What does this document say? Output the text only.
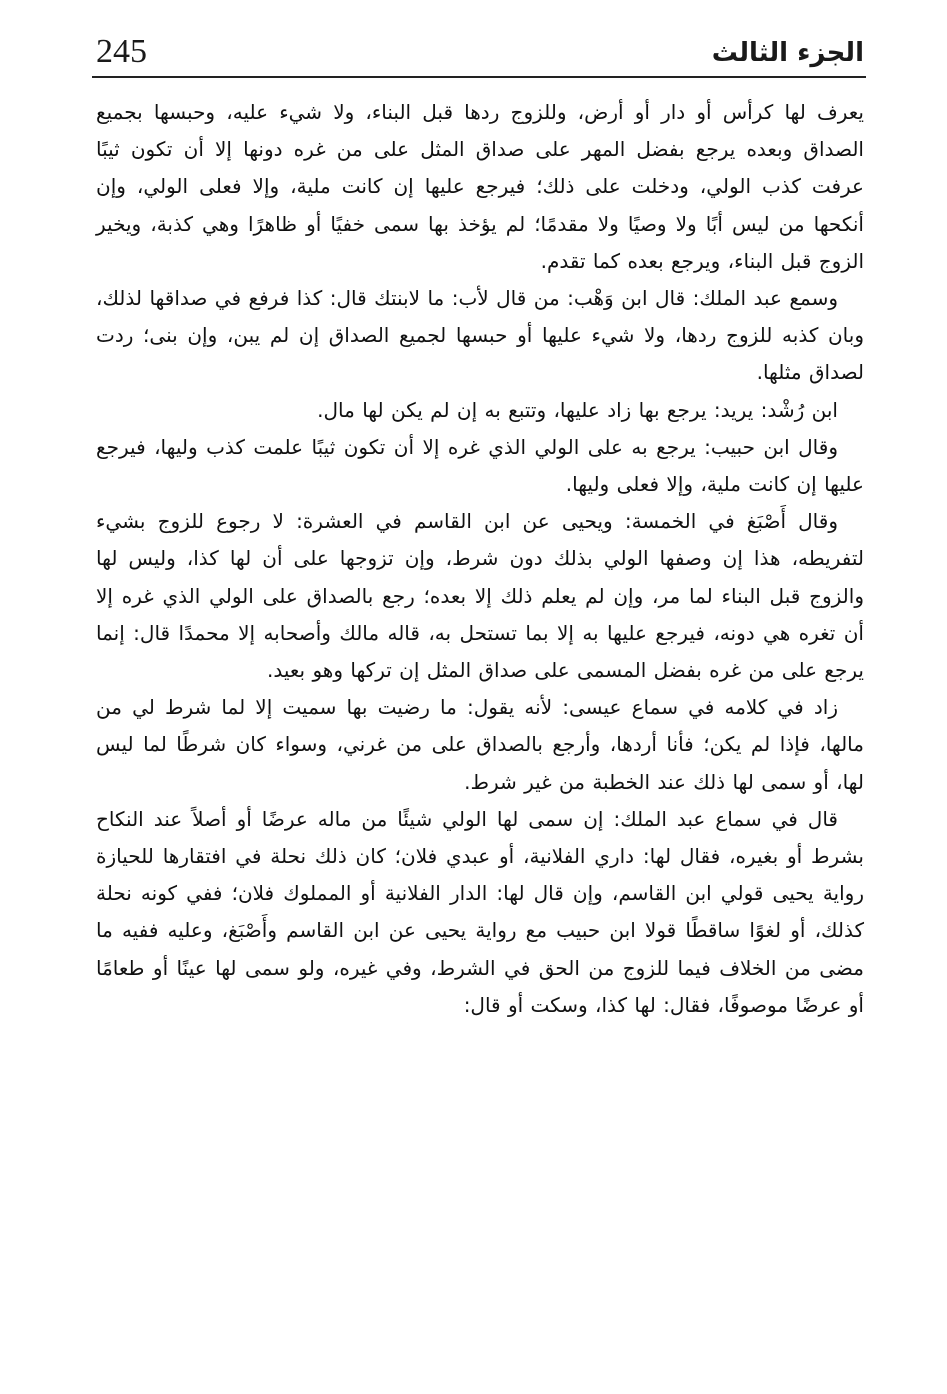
245	الجزء الثالث

يعرف لها كرأس أو دار أو أرض، وللزوج ردها قبل البناء، ولا شيء عليه، وحبسها بجميع الصداق وبعده يرجع بفضل المهر على صداق المثل على من غره دونها إلا أن تكون ثيبًا عرفت كذب الولي، ودخلت على ذلك؛ فيرجع عليها إن كانت ملية، وإلا فعلى الولي، وإن أنكحها من ليس أبًا ولا وصيًا ولا مقدمًا؛ لم يؤخذ بها سمى خفيًا أو ظاهرًا وهي كذبة، ويخير الزوج قبل البناء، ويرجع بعده كما تقدم.

وسمع عبد الملك: قال ابن وَهْب: من قال لأب: ما لابنتك قال: كذا فرفع في صداقها لذلك، وبان كذبه للزوج ردها، ولا شيء عليها أو حبسها لجميع الصداق إن لم يبن، وإن بنى؛ ردت لصداق مثلها.

ابن رُشْد: يريد: يرجع بها زاد عليها، وتتبع به إن لم يكن لها مال.

وقال ابن حبيب: يرجع به على الولي الذي غره إلا أن تكون ثيبًا علمت كذب وليها، فيرجع عليها إن كانت ملية، وإلا فعلى وليها.

وقال أَصْبَغ في الخمسة: ويحيى عن ابن القاسم في العشرة: لا رجوع للزوج بشيء لتفريطه، هذا إن وصفها الولي بذلك دون شرط، وإن تزوجها على أن لها كذا، وليس لها والزوج قبل البناء لما مر، وإن لم يعلم ذلك إلا بعده؛ رجع بالصداق على الولي الذي غره إلا أن تغره هي دونه، فيرجع عليها به إلا بما تستحل به، قاله مالك وأصحابه إلا محمدًا قال: إنما يرجع على من غره بفضل المسمى على صداق المثل إن تركها وهو بعيد.

زاد في كلامه في سماع عيسى: لأنه يقول: ما رضيت بها سميت إلا لما شرط لي من مالها، فإذا لم يكن؛ فأنا أردها، وأرجع بالصداق على من غرني، وسواء كان شرطًا لما ليس لها، أو سمى لها ذلك عند الخطبة من غير شرط.

قال في سماع عبد الملك: إن سمى لها الولي شيئًا من ماله عرضًا أو أصلاً عند النكاح بشرط أو بغيره، فقال لها: داري الفلانية، أو عبدي فلان؛ كان ذلك نحلة في افتقارها للحيازة رواية يحيى قولي ابن القاسم، وإن قال لها: الدار الفلانية أو المملوك فلان؛ ففي كونه نحلة كذلك، أو لغوًا ساقطًا قولا ابن حبيب مع رواية يحيى عن ابن القاسم وأَصْبَغ، وعليه ففيه ما مضى من الخلاف فيما للزوج من الحق في الشرط، وفي غيره، ولو سمى لها عينًا أو طعامًا أو عرضًا موصوفًا، فقال: لها كذا، وسكت أو قال:
